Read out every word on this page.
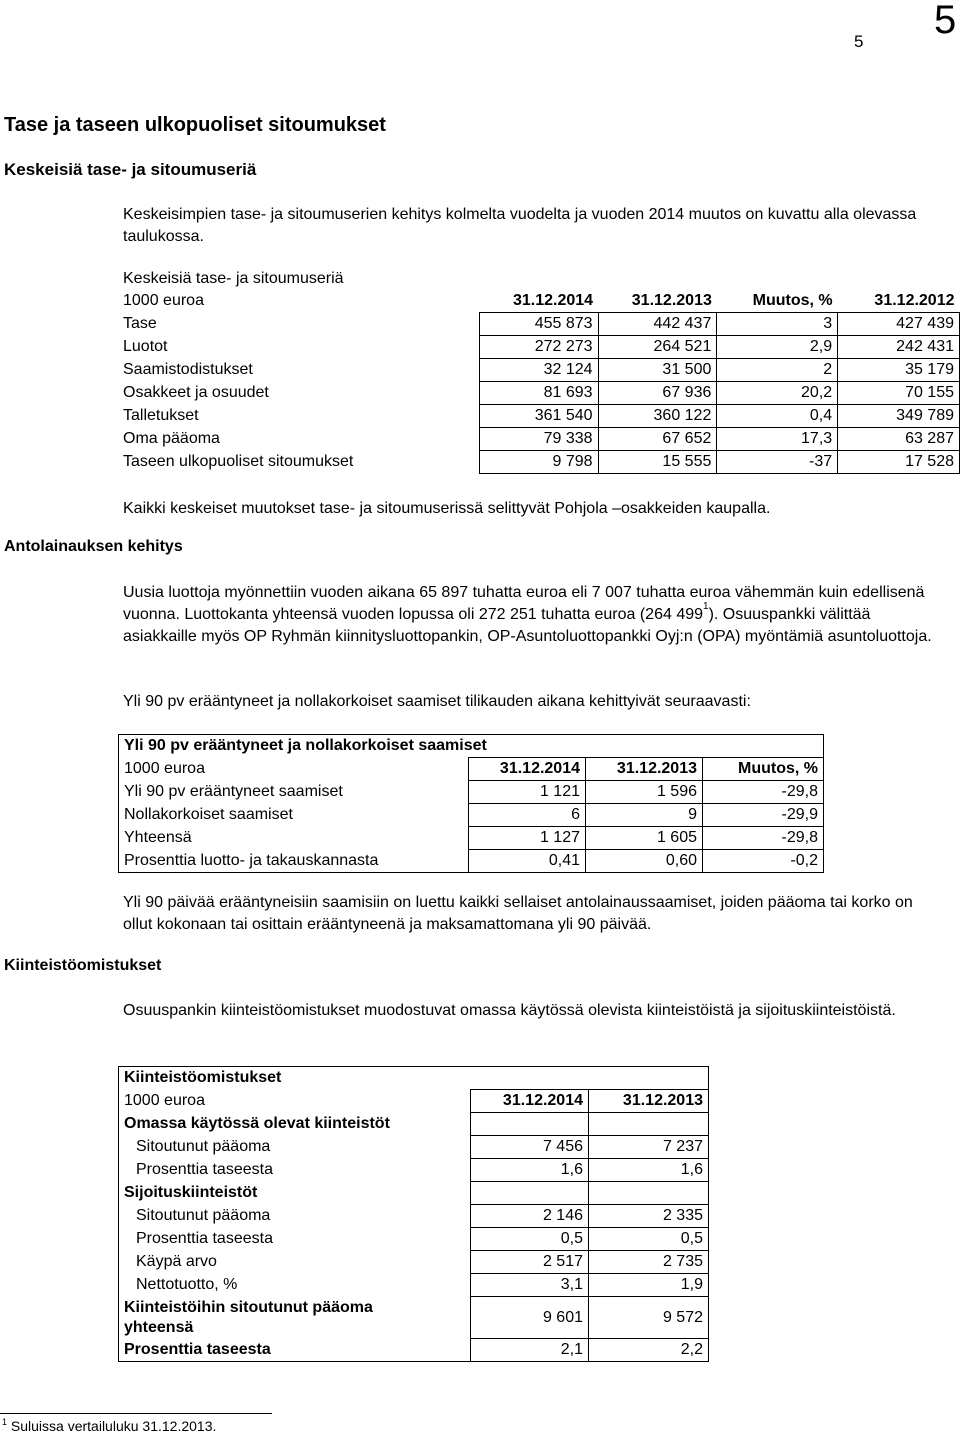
5 5
Tase ja taseen ulkopuoliset sitoumukset
Keskeisiä tase- ja sitoumuseriä
Keskeisimpien tase- ja sitoumuserien kehitys kolmelta vuodelta ja vuoden 2014 muutos on kuvattu alla olevassa taulukossa.
Keskeisiä tase- ja sitoumuseriä				
1000 euroa	31.12.2014	31.12.2013	Muutos, %	31.12.2012
Tase	455 873	442 437	3	427 439
Luotot	272 273	264 521	2,9	242 431
Saamistodistukset	32 124	31 500	2	35 179
Osakkeet ja osuudet	81 693	67 936	20,2	70 155
Talletukset	361 540	360 122	0,4	349 789
Oma pääoma	79 338	67 652	17,3	63 287
Taseen ulkopuoliset sitoumukset	9 798	15 555	-37	17 528
Kaikki keskeiset muutokset tase- ja sitoumuserissä selittyvät Pohjola –osakkeiden kaupalla.
Antolainauksen kehitys
Uusia luottoja myönnettiin vuoden aikana 65 897 tuhatta euroa eli 7 007 tuhatta euroa vähemmän kuin edellisenä vuonna. Luottokanta yhteensä vuoden lopussa oli 272 251 tuhatta euroa (264 $499^1$). Osuuspankki välittää asiakkaille myös OP Ryhmän kiinnitysluottopankin, OP-Asuntoluottopankki Oyj:n (OPA) myöntämiä asuntoluottoja.
Yli 90 pv erääntyneet ja nollakorkoiset saamiset tilikauden aikana kehittyivät seuraavasti:
Yli 90 pv erääntyneet ja nollakorkoiset saamiset			
1000 euroa	31.12.2014	31.12.2013	Muutos, %
Yli 90 pv erääntyneet saamiset	1 121	1 596	-29,8
Nollakorkoiset saamiset	6	9	-29,9
Yhteensä	1 127	1 605	-29,8
Prosenttia luotto- ja takauskannasta	0,41	0,60	-0,2
Yli 90 päivää erääntyneisiin saamisiin on luettu kaikki sellaiset antolainaussaamiset, joiden pääoma tai korko on ollut kokonaan tai osittain erääntyneenä ja maksamattomana yli 90 päivää.
Kiinteistöomistukset
Osuuspankin kiinteistöomistukset muodostuvat omassa käytössä olevista kiinteistöistä ja sijoituskiinteistöistä.
Kiinteistöomistukset		
1000 euroa	31.12.2014	31.12.2013
Omassa käytössä olevat kiinteistöt		
Sitoutunut pääoma	7 456	7 237
Prosenttia taseesta	1,6	1,6
Sijoituskiinteistöt		
Sitoutunut pääoma	2 146	2 335
Prosenttia taseesta	0,5	0,5
Käypä arvo	2 517	2 735
Nettotuotto, %	3,1	1,9
Kiinteistöihin sitoutunut pääoma yhteensä	9 601	9 572
Prosenttia taseesta	2,1	2,2
$^1$ Suluissa vertailuluku 31.12.2013.
